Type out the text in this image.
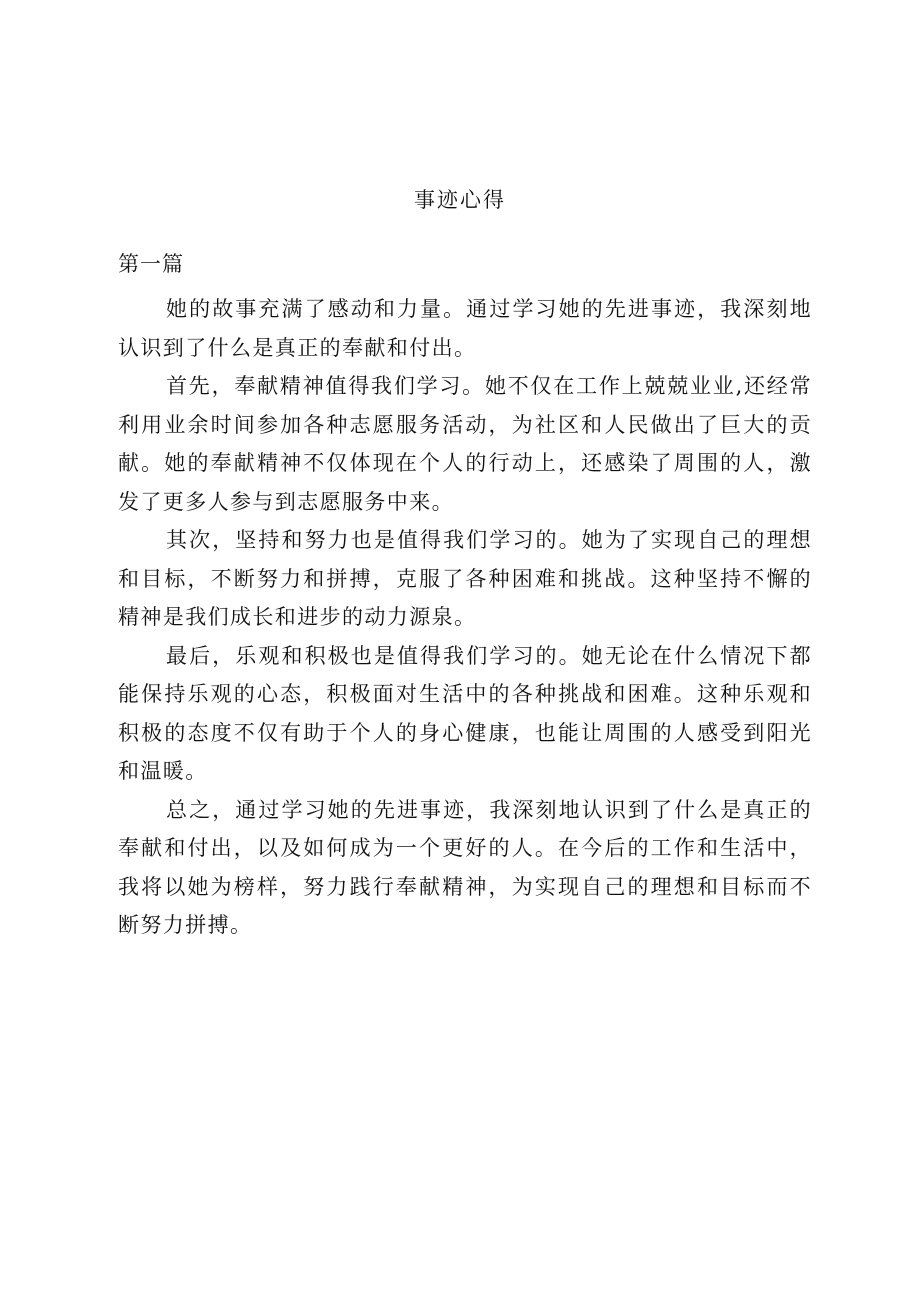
事迹心得
第一篇

她的故事充满了感动和力量。通过学习她的先进事迹，我深刻地认识到了什么是真正的奉献和付出。

首先，奉献精神值得我们学习。她不仅在工作上兢兢业业,还经常利用业余时间参加各种志愿服务活动，为社区和人民做出了巨大的贡献。她的奉献精神不仅体现在个人的行动上，还感染了周围的人，激发了更多人参与到志愿服务中来。

其次，坚持和努力也是值得我们学习的。她为了实现自己的理想和目标，不断努力和拼搏，克服了各种困难和挑战。这种坚持不懈的精神是我们成长和进步的动力源泉。

最后，乐观和积极也是值得我们学习的。她无论在什么情况下都能保持乐观的心态，积极面对生活中的各种挑战和困难。这种乐观和积极的态度不仅有助于个人的身心健康，也能让周围的人感受到阳光和温暖。

总之，通过学习她的先进事迹，我深刻地认识到了什么是真正的奉献和付出，以及如何成为一个更好的人。在今后的工作和生活中，我将以她为榜样，努力践行奉献精神，为实现自己的理想和目标而不断努力拼搏。
